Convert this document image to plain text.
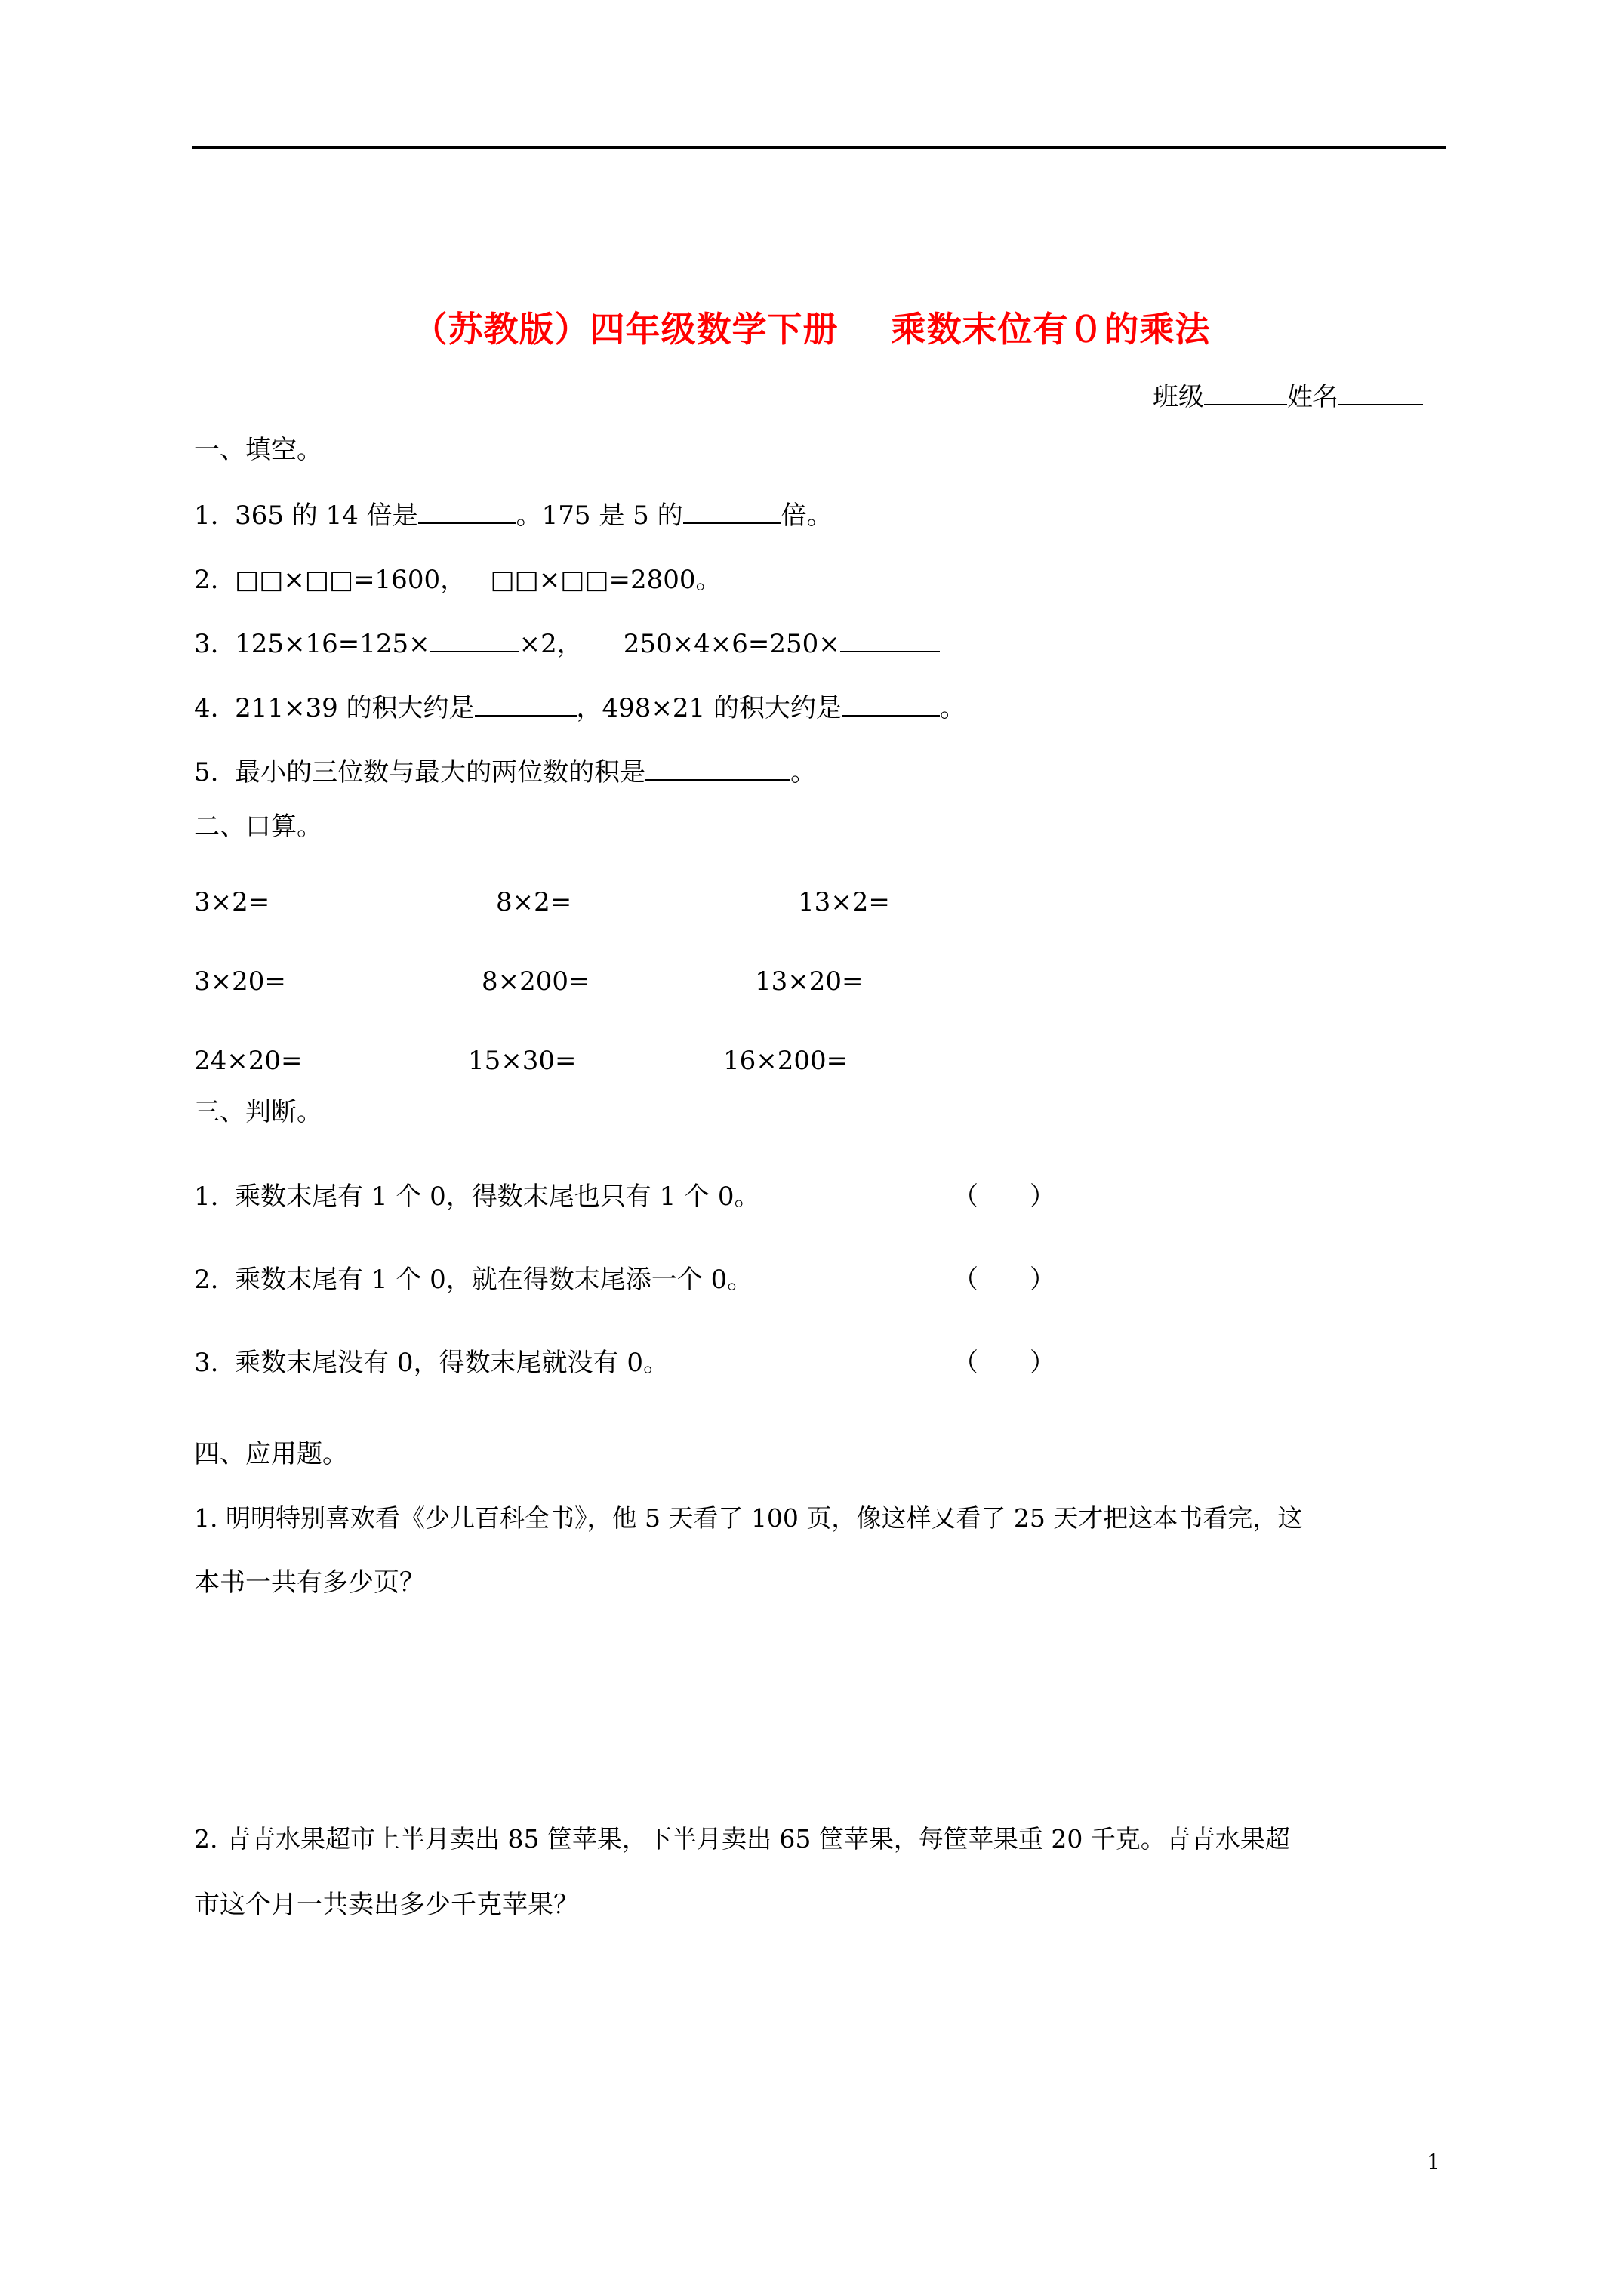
（苏教版）四年级数学下册 乘数末位有０的乘法
班级	姓名
一、填空。
1. 365 的 14 倍是	。175 是 5 的	倍。
2. □□×□□=1600， □□×□□=2800。
3. 125×16=125×	×2， 250×4×6=250×
4. 211×39 的积大约是	，498×21 的积大约是	。
5. 最小的三位数与最大的两位数的积是	。
二、口算。
3×2=	8×2=	13×2=
3×20=	8×200=	13×20=
24×20=	15×30=	16×200=
三、判断。
1. 乘数末尾有 1 个 0，得数末尾也只有 1 个 0。	（　　）
2. 乘数末尾有 1 个 0，就在得数末尾添一个 0。	（　　）
3. 乘数末尾没有 0，得数末尾就没有 0。	（　　）
四、应用题。
1. 明明特别喜欢看《少儿百科全书》，他 5 天看了 100 页，像这样又看了 25 天才把这本书看完，这
本书一共有多少页？
2. 青青水果超市上半月卖出 85 筐苹果，下半月卖出 65 筐苹果，每筐苹果重 20 千克。青青水果超
市这个月一共卖出多少千克苹果？
1
